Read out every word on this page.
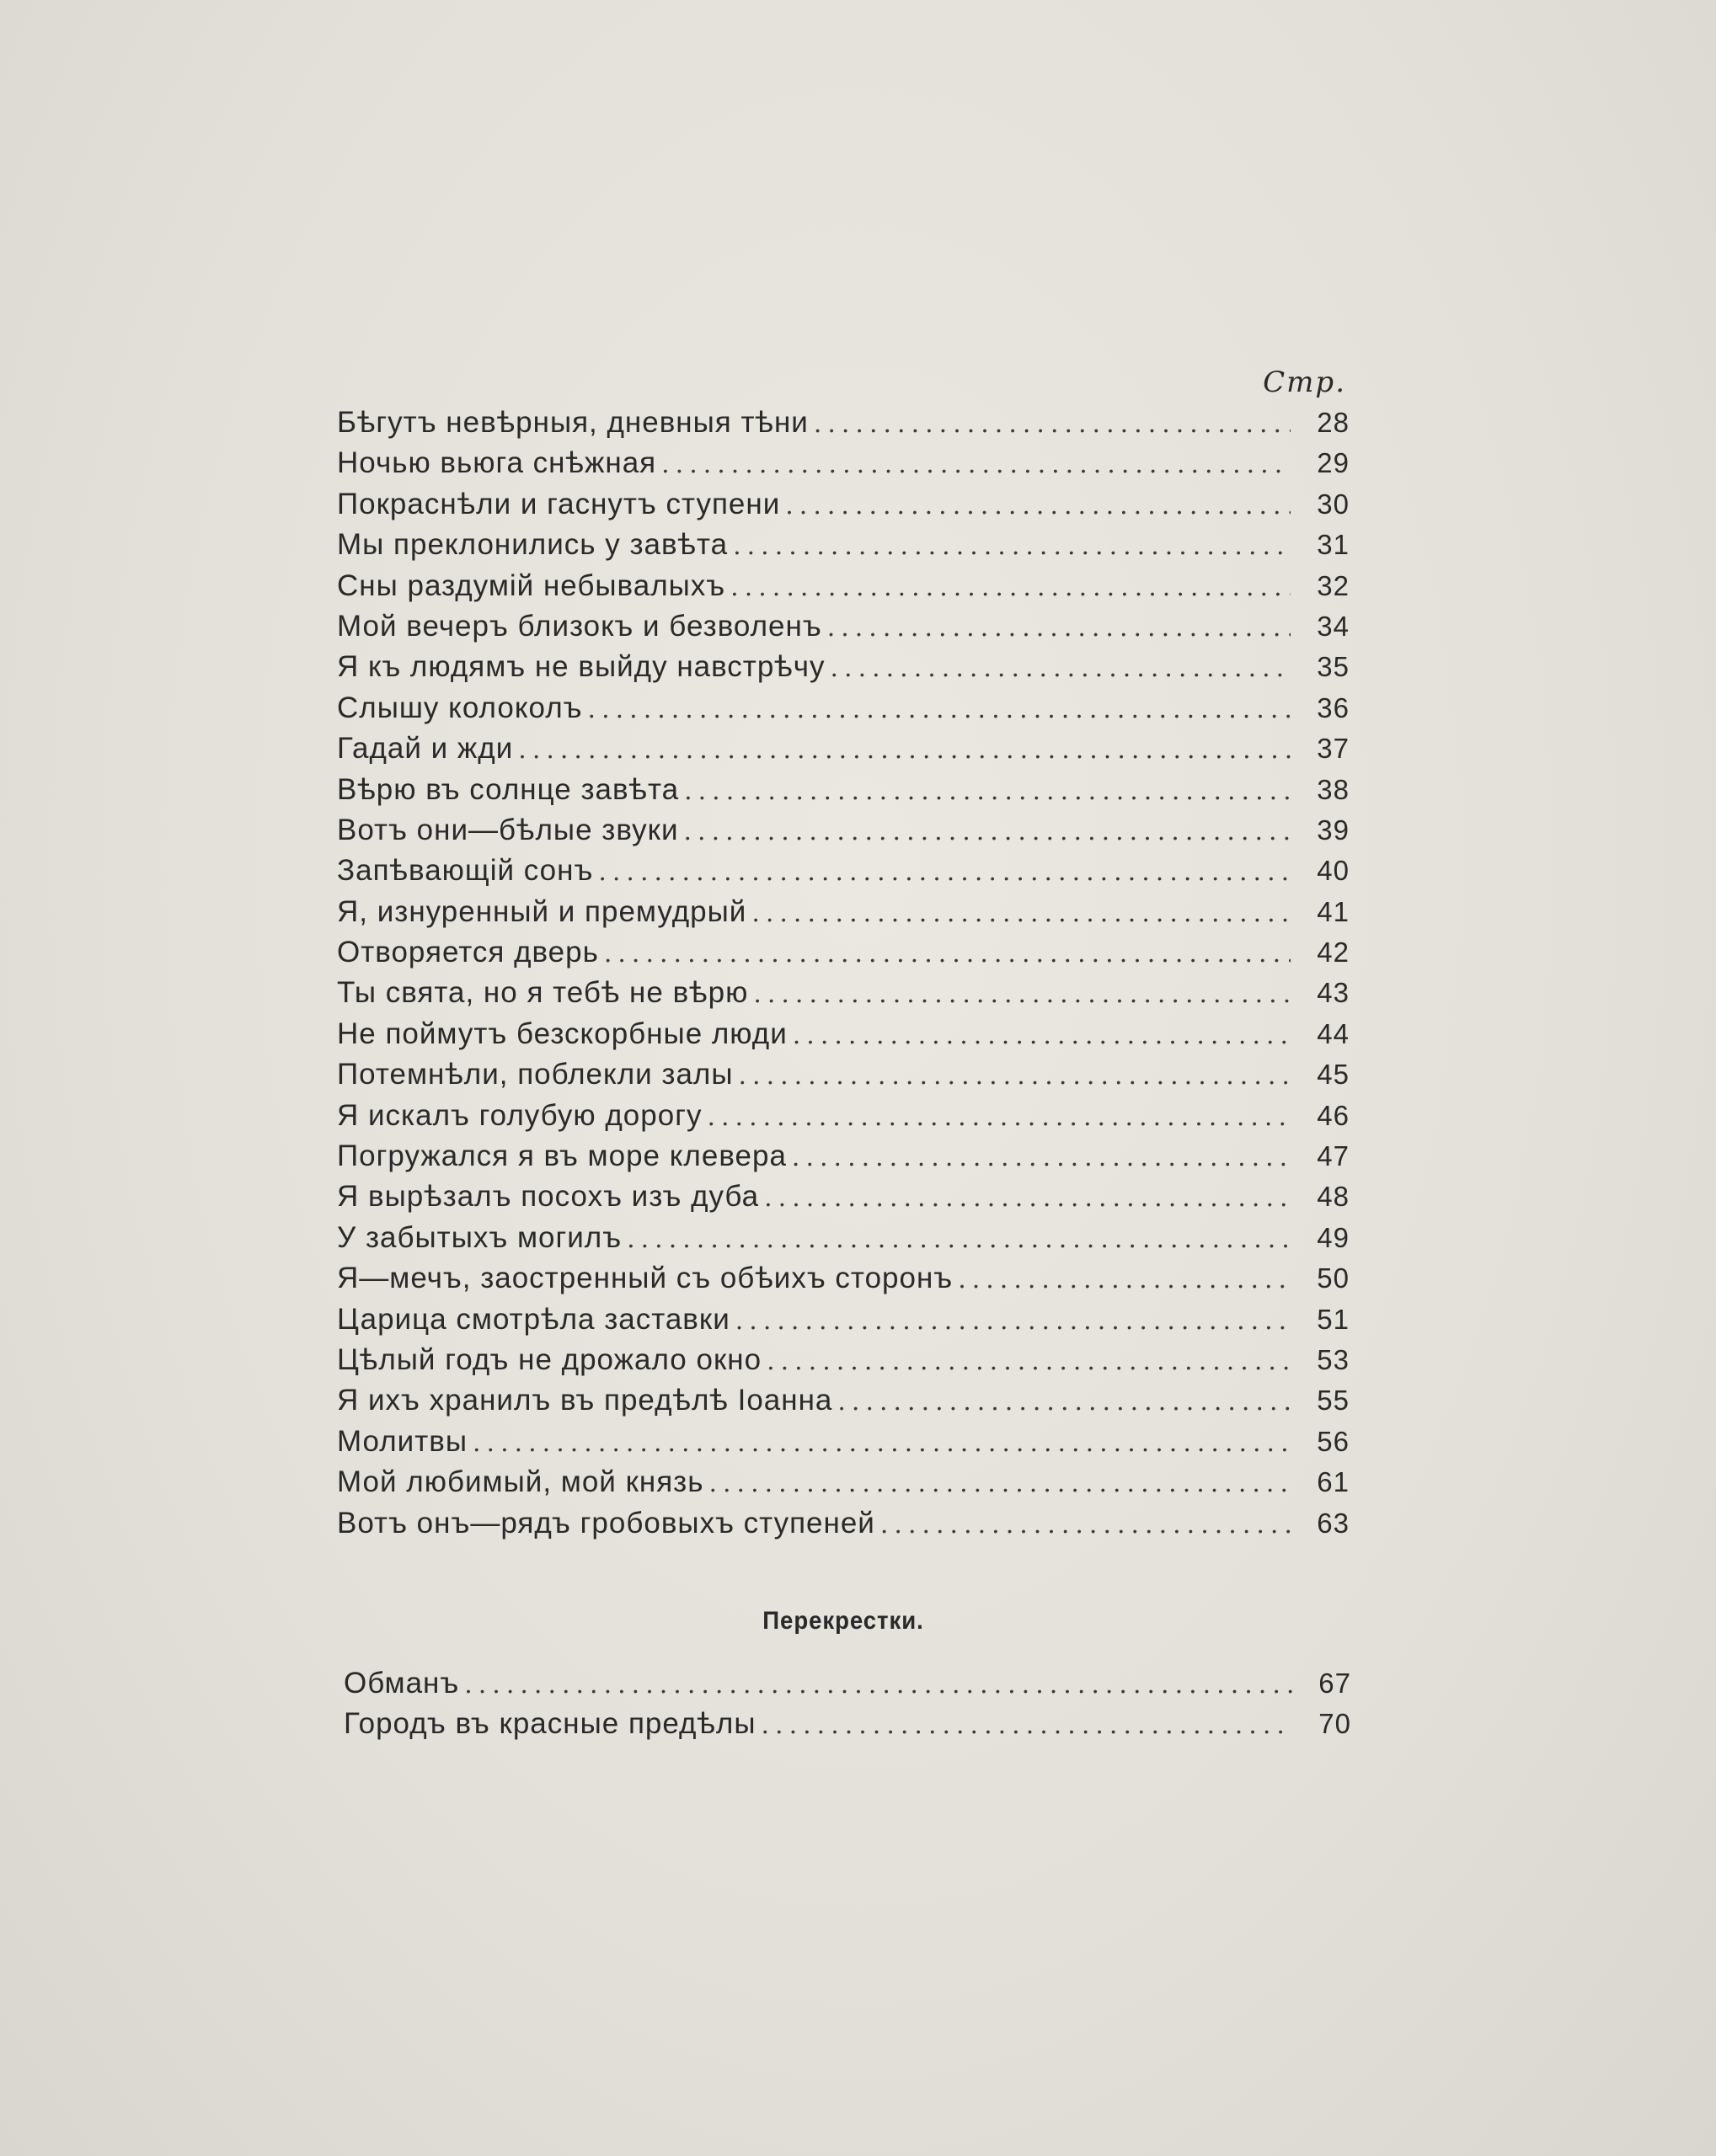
Стр.
Бѣгутъ невѣрныя, дневныя тѣни .....	28
Ночью вьюга снѣжная .....	29
Покраснѣли и гаснутъ ступени .....	30
Мы преклонились у завѣта .....	31
Сны раздумій небывалыхъ .....	32
Мой вечеръ близокъ и безволенъ .....	34
Я къ людямъ не выйду навстрѣчу .....	35
Слышу колоколъ .....	36
Гадай и жди .....	37
Вѣрю въ солнце завѣта .....	38
Вотъ они—бѣлые звуки .....	39
Запѣвающій сонъ .....	40
Я, изнуренный и премудрый .....	41
Отворяется дверь .....	42
Ты свята, но я тебѣ не вѣрю .....	43
Не поймутъ безскорбные люди .....	44
Потемнѣли, поблекли залы .....	45
Я искалъ голубую дорогу .....	46
Погружался я въ море клевера .....	47
Я вырѣзалъ посохъ изъ дуба .....	48
У забытыхъ могилъ .....	49
Я—мечъ, заостренный съ обѣихъ сторонъ .....	50
Царица смотрѣла заставки .....	51
Цѣлый годъ не дрожало окно .....	53
Я ихъ хранилъ въ предѣлѣ Іоанна .....	55
Молитвы .....	56
Мой любимый, мой князь .....	61
Вотъ онъ—рядъ гробовыхъ ступеней .....	63
Перекрестки.
Обманъ .....	67
Городъ въ красные предѣлы .....	70
